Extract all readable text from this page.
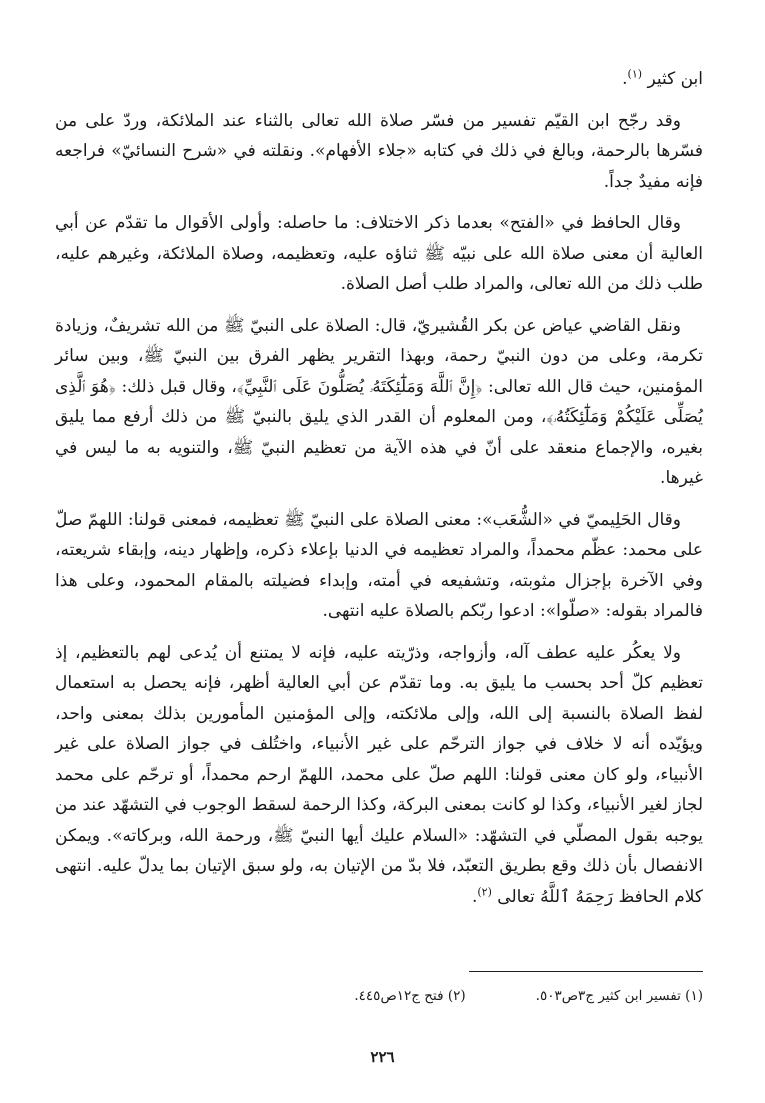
ابن كثير $^{(١)}$.

وقد رجّح ابن القيّم تفسير من فسّر صلاة الله تعالى بالثناء عند الملائكة، وردّ على من فسّرها بالرحمة، وبالغ في ذلك في كتابه «جلاء الأفهام». ونقلته في «شرح النسائيّ» فراجعه فإنه مفيدٌ جداً.

وقال الحافظ في «الفتح» بعدما ذكر الاختلاف: ما حاصله: وأولى الأقوال ما تقدّم عن أبي العالية أن معنى صلاة الله على نبيّه ﷺ ثناؤه عليه، وتعظيمه، وصلاة الملائكة، وغيرهم عليه، طلب ذلك من الله تعالى، والمراد طلب أصل الصلاة.

ونقل القاضي عياض عن بكر القُشيريّ، قال: الصلاة على النبيّ ﷺ من الله تشريفٌ، وزيادة تكرمة، وعلى من دون النبيّ رحمة، وبهذا التقرير يظهر الفرق بين النبيّ ﷺ، وبين سائر المؤمنين، حيث قال الله تعالى: ﴿إِنَّ ٱللَّهَ وَمَلَٰٓئِكَتَهُۥ يُصَلُّونَ عَلَى ٱلنَّبِيِّ﴾، وقال قبل ذلك: ﴿هُوَ ٱلَّذِى يُصَلِّى عَلَيْكُمْ وَمَلَٰٓئِكَتُهُۥ﴾، ومن المعلوم أن القدر الذي يليق بالنبيّ ﷺ من ذلك أرفع مما يليق بغيره، والإجماع منعقد على أنّ في هذه الآية من تعظيم النبيّ ﷺ، والتنويه به ما ليس في غيرها.

وقال الحَلِيميّ في «الشُّعَب»: معنى الصلاة على النبيّ ﷺ تعظيمه، فمعنى قولنا: اللهمّ صلّ على محمد: عظّم محمداً، والمراد تعظيمه في الدنيا بإعلاء ذكره، وإظهار دينه، وإبقاء شريعته، وفي الآخرة بإجزال مثوبته، وتشفيعه في أمته، وإبداء فضيلته بالمقام المحمود، وعلى هذا فالمراد بقوله: «صلّوا»: ادعوا ربّكم بالصلاة عليه انتهى.

ولا يعكُر عليه عطف آله، وأزواجه، وذرّيته عليه، فإنه لا يمتنع أن يُدعى لهم بالتعظيم، إذ تعظيم كلّ أحد بحسب ما يليق به. وما تقدّم عن أبي العالية أظهر، فإنه يحصل به استعمال لفظ الصلاة بالنسبة إلى الله، وإلى ملائكته، وإلى المؤمنين المأمورين بذلك بمعنى واحد، ويؤيّده أنه لا خلاف في جواز الترحّم على غير الأنبياء، واختُلف في جواز الصلاة على غير الأنبياء، ولو كان معنى قولنا: اللهم صلّ على محمد، اللهمّ ارحم محمداً، أو ترحّم على محمد لجاز لغير الأنبياء، وكذا لو كانت بمعنى البركة، وكذا الرحمة لسقط الوجوب في التشهّد عند من يوجبه بقول المصلّي في التشهّد: «السلام عليك أيها النبيّ ﷺ، ورحمة الله، وبركاته». ويمكن الانفصال بأن ذلك وقع بطريق التعبّد، فلا بدّ من الإتيان به، ولو سبق الإتيان بما يدلّ عليه. انتهى كلام الحافظ رَحِمَهُ ٱللَّهُ تعالى $^{(٢)}$.

(١) تفسير ابن كثير ج٣ص٥٠٣.
(٢) فتح ج١٢ص٤٤٥.
٢٢٦
